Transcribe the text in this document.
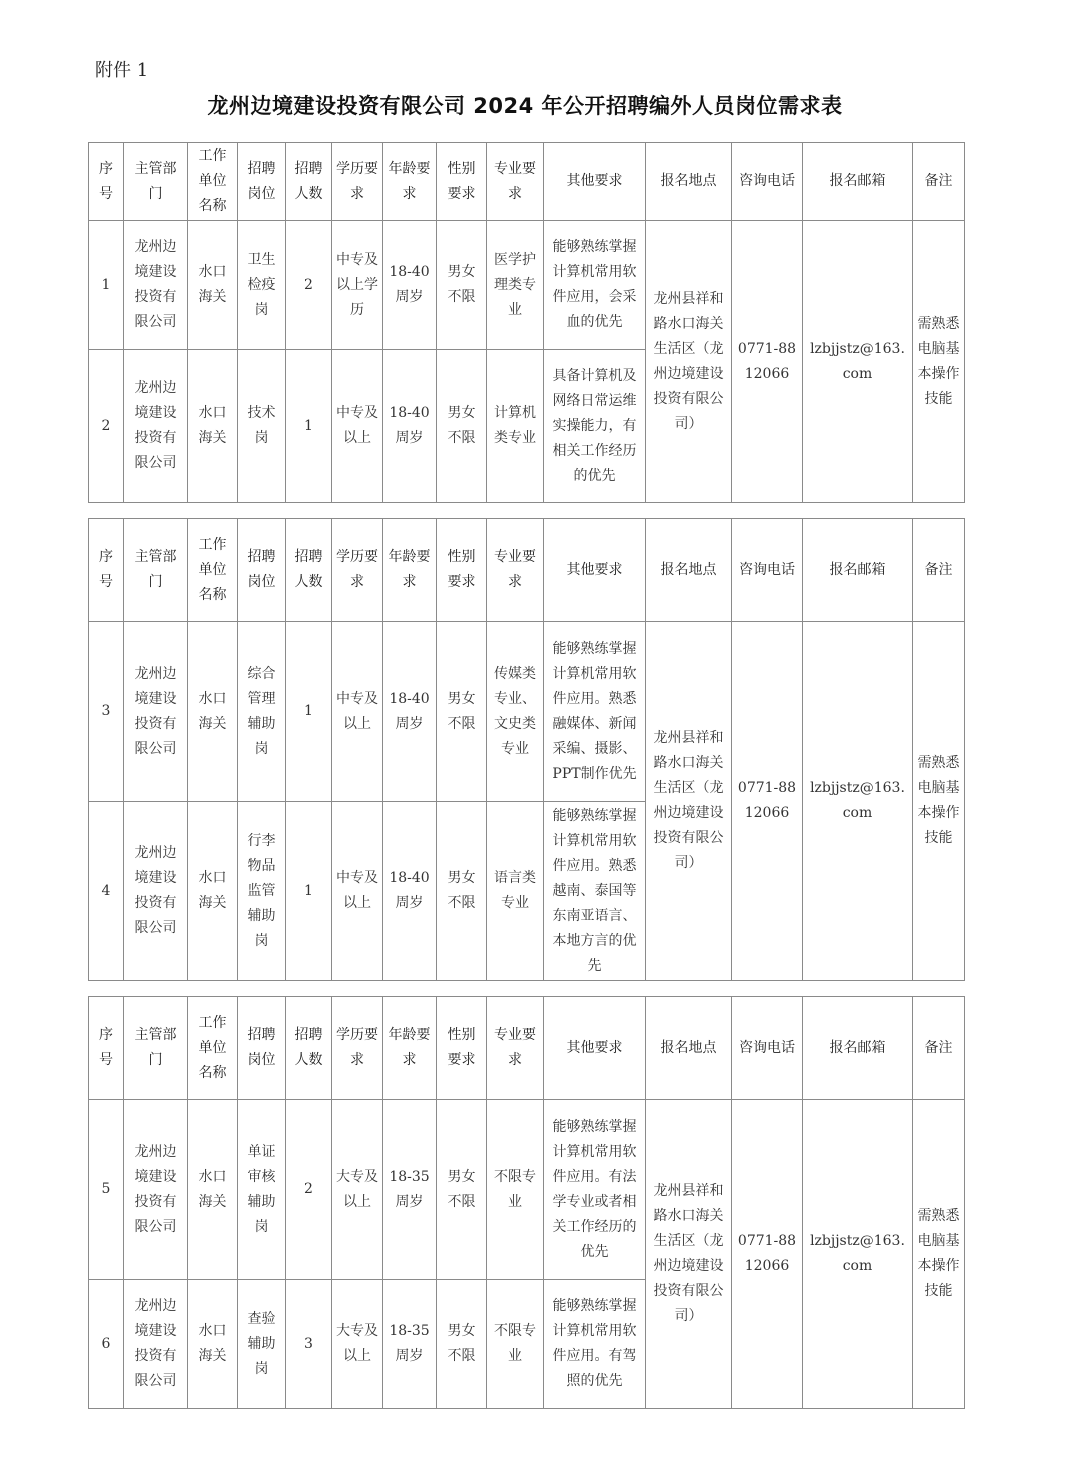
附件 1
龙州边境建设投资有限公司 2024 年公开招聘编外人员岗位需求表
序号	主管部门	工作单位名称	招聘岗位	招聘人数	学历要求	年龄要求	性别要求	专业要求	其他要求	报名地点	咨询电话	报名邮箱	备注
1	龙州边境建设投资有限公司	水口海关	卫生检疫岗	2	中专及以上学历	18-40周岁	男女不限	医学护理类专业	能够熟练掌握计算机常用软件应用，会采血的优先	龙州县祥和路水口海关生活区（龙州边境建设投资有限公司）	0771-8812066	lzbjjstz@163.com	需熟悉电脑基本操作技能
2	龙州边境建设投资有限公司	水口海关	技术岗	1	中专及以上	18-40周岁	男女不限	计算机类专业	具备计算机及网络日常运维实操能力，有相关工作经历的优先				
序号	主管部门	工作单位名称	招聘岗位	招聘人数	学历要求	年龄要求	性别要求	专业要求	其他要求	报名地点	咨询电话	报名邮箱	备注
3	龙州边境建设投资有限公司	水口海关	综合管理辅助岗	1	中专及以上	18-40周岁	男女不限	传媒类专业、文史类专业	能够熟练掌握计算机常用软件应用。熟悉融媒体、新闻采编、摄影、PPT制作优先	龙州县祥和路水口海关生活区（龙州边境建设投资有限公司）	0771-8812066	lzbjjstz@163.com	需熟悉电脑基本操作技能
4	龙州边境建设投资有限公司	水口海关	行李物品监管辅助岗	1	中专及以上	18-40周岁	男女不限	语言类专业	能够熟练掌握计算机常用软件应用。熟悉越南、泰国等东南亚语言、本地方言的优先				
序号	主管部门	工作单位名称	招聘岗位	招聘人数	学历要求	年龄要求	性别要求	专业要求	其他要求	报名地点	咨询电话	报名邮箱	备注
5	龙州边境建设投资有限公司	水口海关	单证审核辅助岗	2	大专及以上	18-35周岁	男女不限	不限专业	能够熟练掌握计算机常用软件应用。有法学专业或者相关工作经历的优先	龙州县祥和路水口海关生活区（龙州边境建设投资有限公司）	0771-8812066	lzbjjstz@163.com	需熟悉电脑基本操作技能
6	龙州边境建设投资有限公司	水口海关	查验辅助岗	3	大专及以上	18-35周岁	男女不限	不限专业	能够熟练掌握计算机常用软件应用。有驾照的优先				
